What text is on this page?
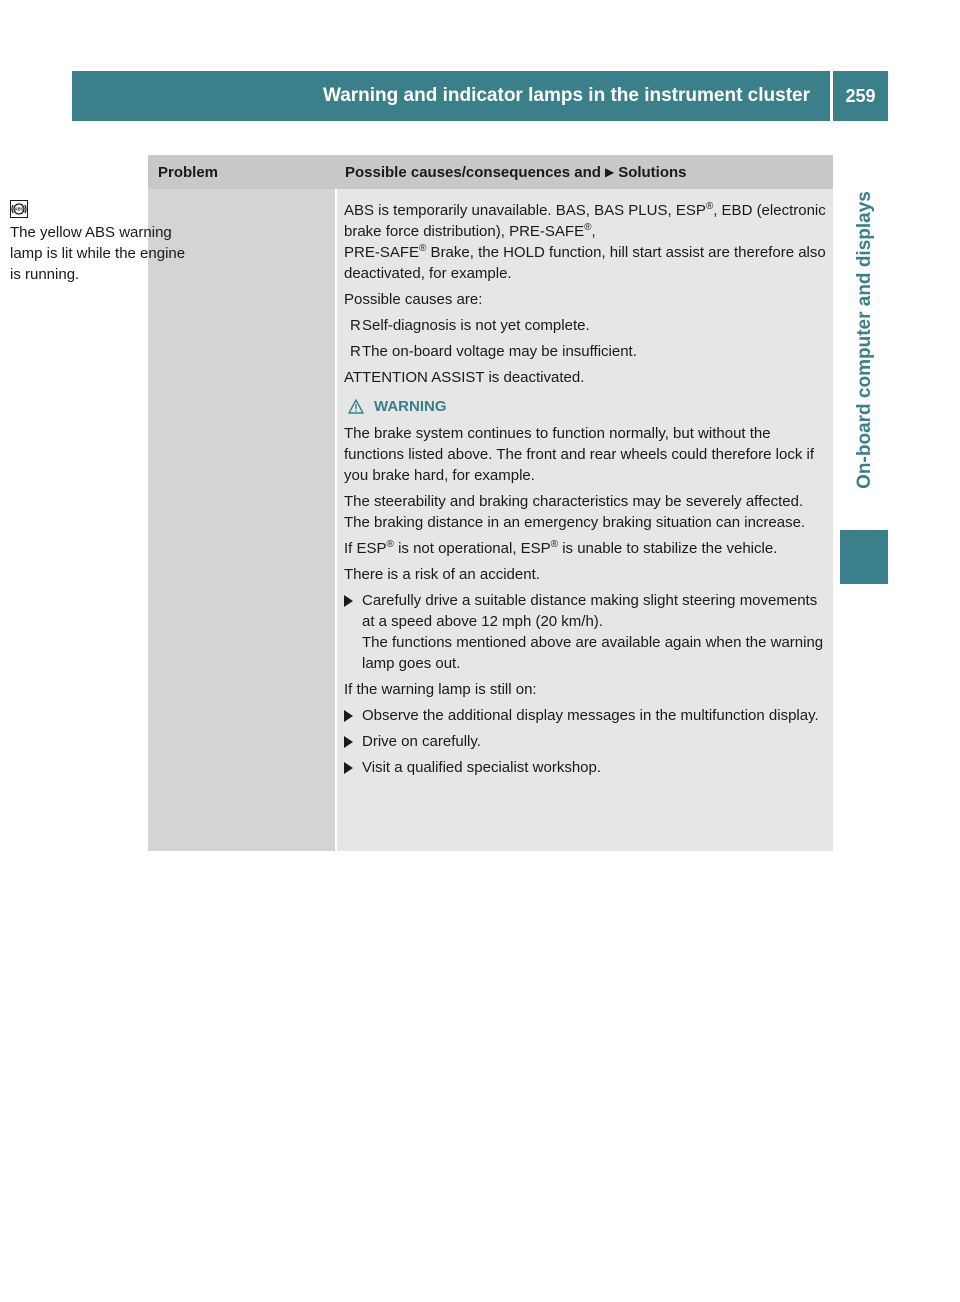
Warning and indicator lamps in the instrument cluster	259
On-board computer and displays
Problem	Possible causes/consequences and ▶ Solutions
ABS
The yellow ABS warning lamp is lit while the engine is running.

ABS is temporarily unavailable. BAS, BAS PLUS, ESP®, EBD (electronic brake force distribution), PRE-SAFE®,
PRE-SAFE® Brake, the HOLD function, hill start assist are therefore also deactivated, for example.

Possible causes are:

RSelf-diagnosis is not yet complete.

RThe on-board voltage may be insufficient.

ATTENTION ASSIST is deactivated.

WARNING

The brake system continues to function normally, but without the functions listed above. The front and rear wheels could therefore lock if you brake hard, for example.

The steerability and braking characteristics may be severely affected. The braking distance in an emergency braking situation can increase.

If ESP® is not operational, ESP® is unable to stabilize the vehicle.

There is a risk of an accident.

Carefully drive a suitable distance making slight steering movements at a speed above 12 mph (20 km/h).
The functions mentioned above are available again when the warning lamp goes out.

If the warning lamp is still on:

Observe the additional display messages in the multifunction display.
Drive on carefully.
Visit a qualified specialist workshop.
